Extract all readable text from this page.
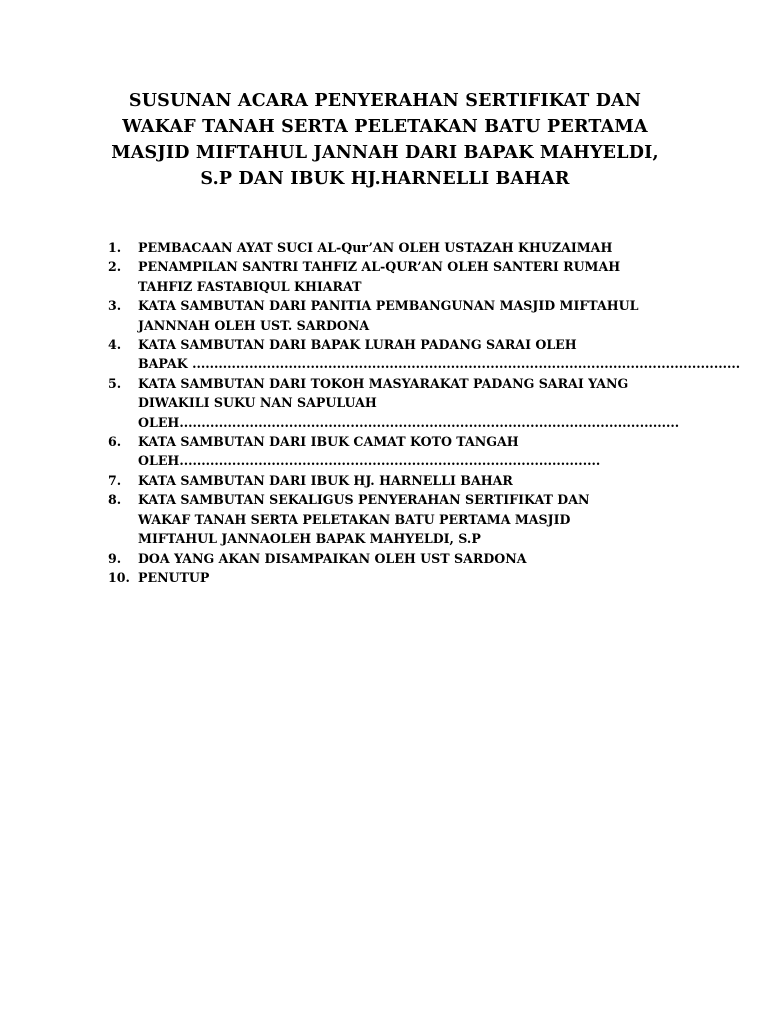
SUSUNAN ACARA PENYERAHAN SERTIFIKAT DAN
WAKAF TANAH SERTA PELETAKAN BATU PERTAMA
MASJID MIFTAHUL JANNAH DARI BAPAK MAHYELDI,
S.P DAN IBUK HJ.HARNELLI BAHAR
1.	PEMBACAAN AYAT SUCI AL-Qur’AN OLEH USTAZAH KHUZAIMAH
2.	PENAMPILAN SANTRI TAHFIZ AL-QUR’AN OLEH SANTERI RUMAH
TAHFIZ FASTABIQUL KHIARAT
3.	KATA SAMBUTAN DARI PANITIA PEMBANGUNAN MASJID MIFTAHUL
JANNNAH OLEH UST. SARDONA
4.	KATA SAMBUTAN DARI BAPAK LURAH PADANG SARAI OLEH
BAPAK .............................................................................................................................
5.	KATA SAMBUTAN DARI TOKOH MASYARAKAT PADANG SARAI YANG
DIWAKILI SUKU NAN SAPULUAH
OLEH..................................................................................................................
6.	KATA SAMBUTAN DARI IBUK CAMAT KOTO TANGAH
OLEH................................................................................................
7.	KATA SAMBUTAN DARI IBUK HJ. HARNELLI BAHAR
8.	KATA SAMBUTAN SEKALIGUS PENYERAHAN SERTIFIKAT DAN
WAKAF TANAH SERTA PELETAKAN BATU PERTAMA MASJID
MIFTAHUL JANNAOLEH BAPAK MAHYELDI, S.P
9.	DOA YANG AKAN DISAMPAIKAN OLEH UST SARDONA
10. PENUTUP
